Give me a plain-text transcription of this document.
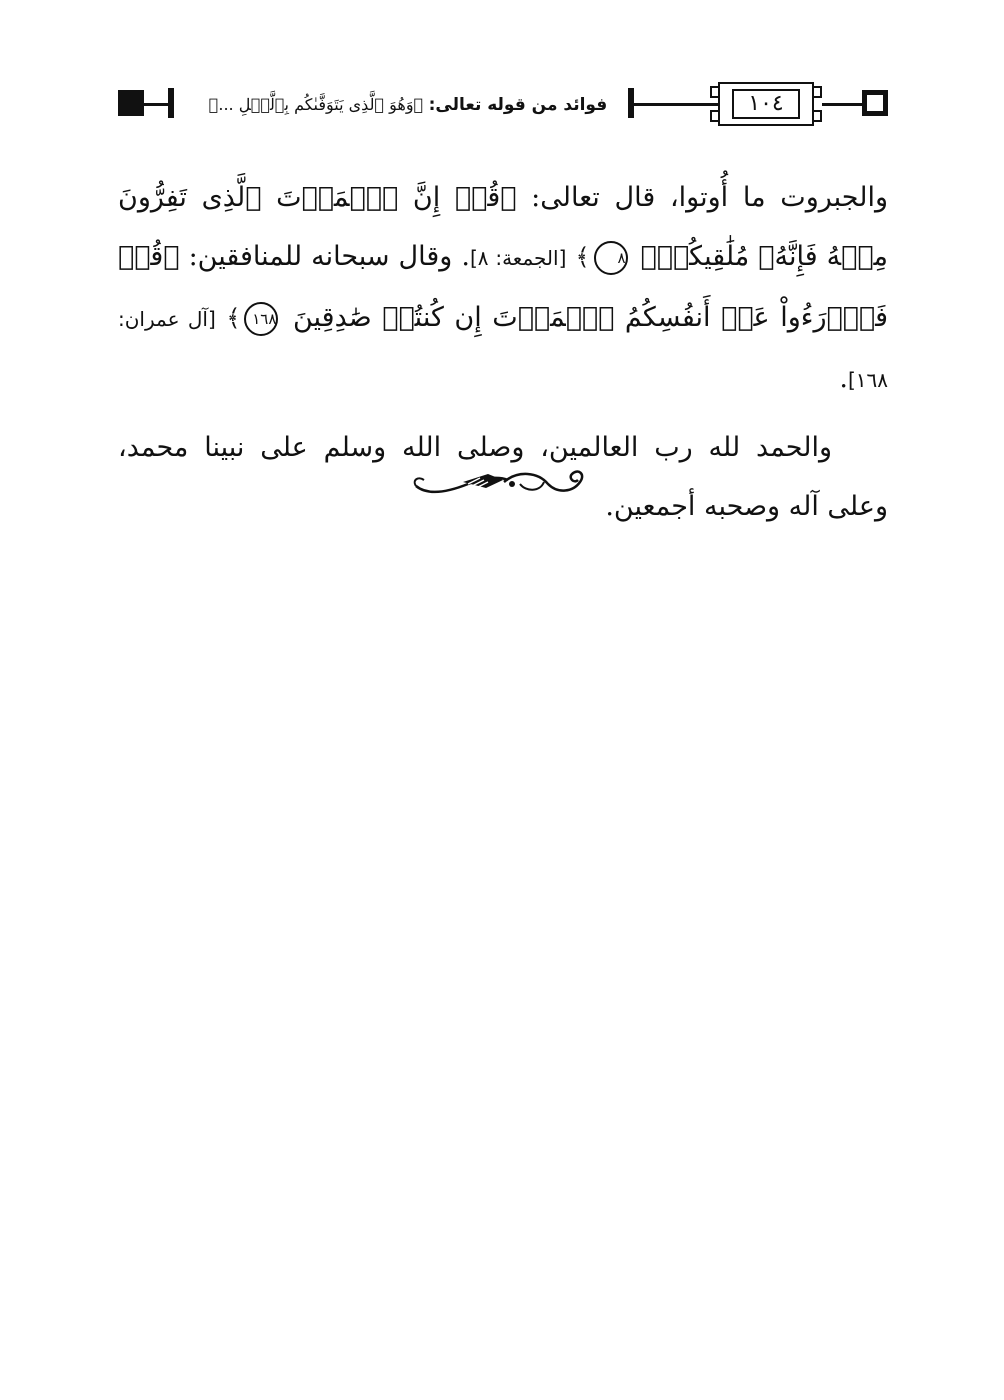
فوائد من قوله تعالى: ﴿وَهُوَ ٱلَّذِى يَتَوَفَّىٰكُم بِٱلَّيۡلِ ...﴾	١٠٤

والجبروت ما أُوتوا، قال تعالى: ﴿قُلۡ إِنَّ ٱلۡمَوۡتَ ٱلَّذِى تَفِرُّونَ مِنۡهُ فَإِنَّهُۥ مُلَٰقِيكُمۡۖ ٨﴾ [الجمعة: ٨]. وقال سبحانه للمنافقين: ﴿قُلۡ فَٱدۡرَءُواْ عَنۡ أَنفُسِكُمُ ٱلۡمَوۡتَ إِن كُنتُمۡ صَٰدِقِينَ ١٦٨﴾ [آل عمران: ١٦٨].

والحمد لله رب العالمين، وصلى الله وسلم على نبينا محمد، وعلى آله وصحبه أجمعين.
